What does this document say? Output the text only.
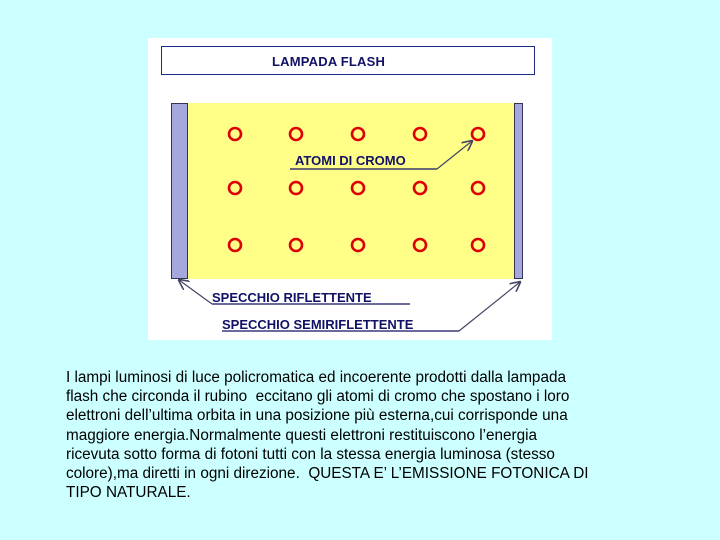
LAMPADA FLASH
ATOMI DI CROMO
SPECCHIO RIFLETTENTE
SPECCHIO SEMIRIFLETTENTE

I lampi luminosi di luce policromatica ed incoerente prodotti dalla lampada
flash che circonda il rubino  eccitano gli atomi di cromo che spostano i loro
elettroni dell’ultima orbita in una posizione più esterna,cui corrisponde una
maggiore energia.Normalmente questi elettroni restituiscono l’energia
ricevuta sotto forma di fotoni tutti con la stessa energia luminosa (stesso
colore),ma diretti in ogni direzione.  QUESTA E’ L’EMISSIONE FOTONICA DI
TIPO NATURALE.
